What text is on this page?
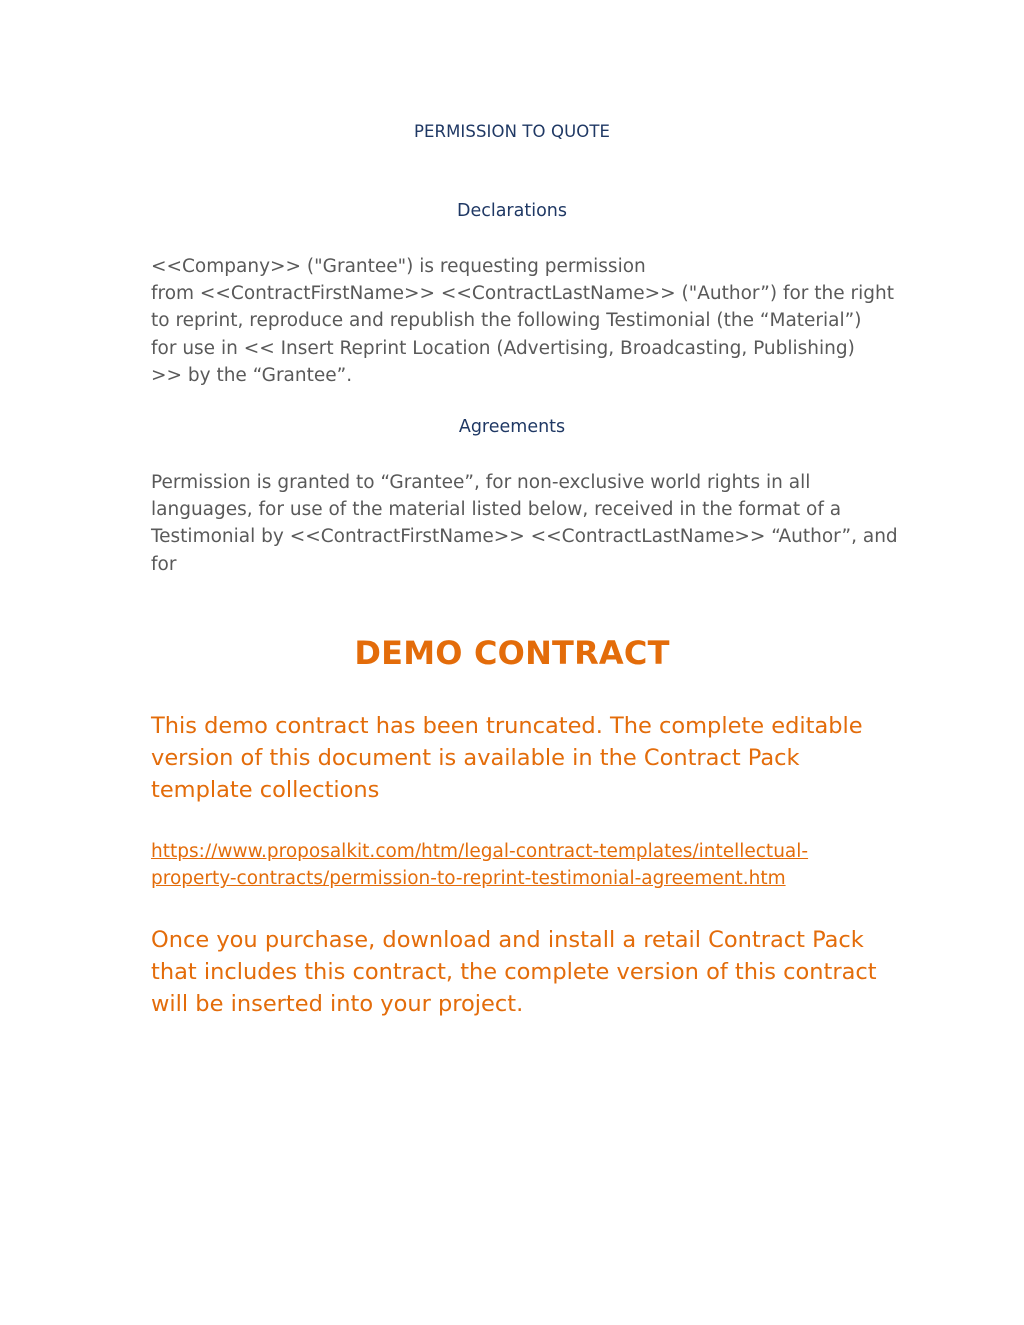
PERMISSION TO QUOTE
Declarations
<<Company>> ("Grantee") is requesting permission
from <<ContractFirstName>> <<ContractLastName>> ("Author”) for the right
to reprint, reproduce and republish the following Testimonial (the “Material”)
for use in << Insert Reprint Location (Advertising, Broadcasting, Publishing)
>> by the “Grantee”.
Agreements
Permission is granted to “Grantee”, for non-exclusive world rights in all
languages, for use of the material listed below, received in the format of a
Testimonial by <<ContractFirstName>> <<ContractLastName>> “Author”, and
for
DEMO CONTRACT
This demo contract has been truncated. The complete editable
version of this document is available in the Contract Pack
template collections
https://www.proposalkit.com/htm/legal-contract-templates/intellectual-
property-contracts/permission-to-reprint-testimonial-agreement.htm
Once you purchase, download and install a retail Contract Pack
that includes this contract, the complete version of this contract
will be inserted into your project.
